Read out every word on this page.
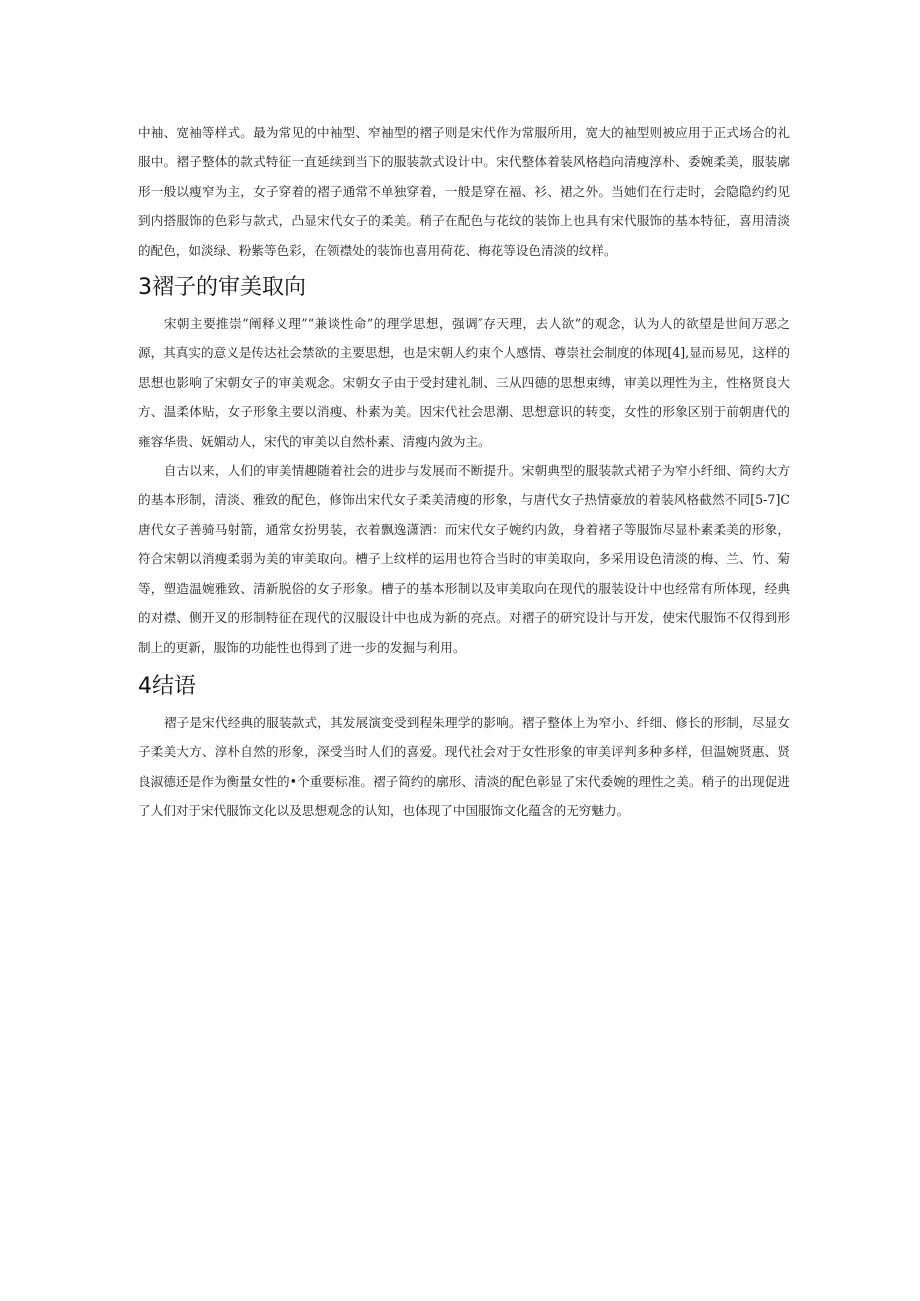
中袖、宽袖等样式。最为常见的中袖型、窄袖型的褶子则是宋代作为常服所用，宽大的袖型则被应用于正式场合的礼服中。褶子整体的款式特征一直延续到当下的服装款式设计中。宋代整体着装风格趋向清瘦淳朴、委婉柔美，服装廓形一般以瘦窄为主，女子穿着的褶子通常不单独穿着，一般是穿在褔、衫、裙之外。当她们在行走时，会隐隐约约见到内搭服饰的色彩与款式，凸显宋代女子的柔美。稍子在配色与花纹的装饰上也具有宋代服饰的基本特征，喜用清淡的配色，如淡绿、粉紫等色彩，在领襟处的装饰也喜用荷花、梅花等设色清淡的纹样。

3褶子的审美取向

宋朝主要推崇“阐释义理”“兼谈性命”的理学思想，强调″存天理，去人欲”的观念，认为人的欲望是世间万恶之源，其真实的意义是传达社会禁欲的主要思想，也是宋朝人约束个人感情、尊崇社会制度的体现[4],显而易见，这样的思想也影响了宋朝女子的审美观念。宋朝女子由于受封建礼制、三从四德的思想束缚，审美以理性为主，性格贤良大方、温柔体贴，女子形象主要以消瘦、朴素为美。因宋代社会思潮、思想意识的转变，女性的形象区别于前朝唐代的雍容华贵、妩媚动人，宋代的审美以自然朴素、清瘦内敛为主。

自古以来，人们的审美情趣随着社会的进步与发展而不断提升。宋朝典型的服装款式裙子为窄小纤细、简约大方的基本形制，清淡、雅致的配色，修饰出宋代女子柔美清瘦的形象，与唐代女子热情豪放的着装风格截然不同[5-7]C唐代女子善骑马射箭，通常女扮男装，衣着飘逸潇洒：而宋代女子婉约内敛，身着褚子等服饰尽显朴素柔美的形象，符合宋朝以消瘦柔弱为美的审美取向。槽子上纹样的运用也符合当时的审美取向，多采用设色清淡的梅、兰、竹、菊等，塑造温婉雅致、清新脱俗的女子形象。槽子的基本形制以及审美取向在现代的服装设计中也经常有所体现，经典的对襟、侧开叉的形制特征在现代的汉服设计中也成为新的亮点。对褶子的研究设计与开发，使宋代服饰不仅得到形制上的更新，服饰的功能性也得到了进一步的发掘与利用。

4结语

褶子是宋代经典的服装款式，其发展演变受到程朱理学的影响。褶子整体上为窄小、纤细、修长的形制，尽显女子柔美大方、淳朴自然的形象，深受当时人们的喜爱。现代社会对于女性形象的审美评判多种多样，但温婉贤惠、贤良淑德还是作为衡量女性的•个重要标准。褶子简约的廓形、清淡的配色彰显了宋代委婉的理性之美。稍子的出现促进了人们对于宋代服饰文化以及思想观念的认知，也体现了中国服饰文化蕴含的无穷魅力。
